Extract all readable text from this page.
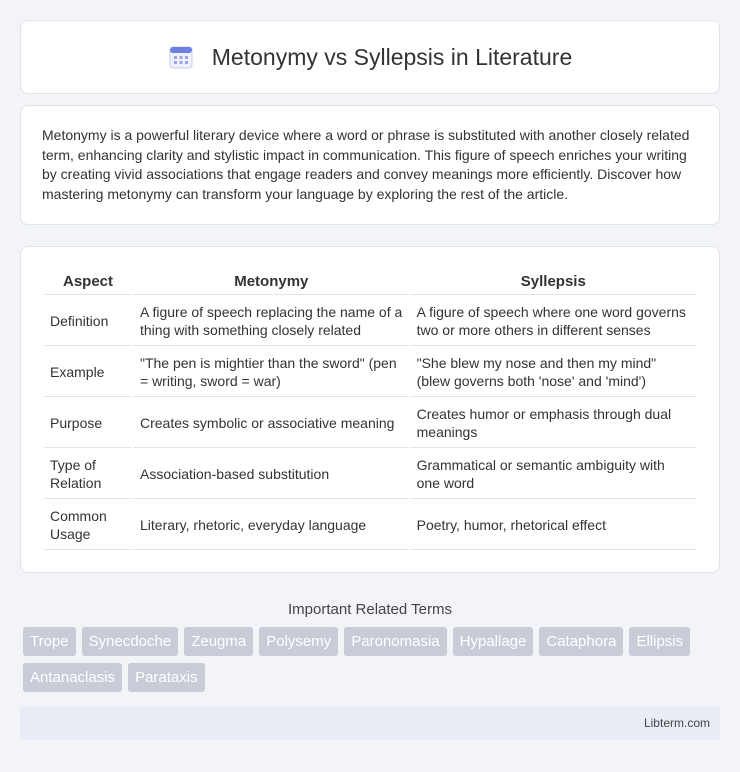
Metonymy vs Syllepsis in Literature

Metonymy is a powerful literary device where a word or phrase is substituted with another closely related term, enhancing clarity and stylistic impact in communication. This figure of speech enriches your writing by creating vivid associations that engage readers and convey meanings more efficiently. Discover how mastering metonymy can transform your language by exploring the rest of the article.

Aspect	Metonymy	Syllepsis
Definition	A figure of speech replacing the name of a thing with something closely related	A figure of speech where one word governs two or more others in different senses
Example	"The pen is mightier than the sword" (pen = writing, sword = war)	"She blew my nose and then my mind" (blew governs both 'nose' and 'mind')
Purpose	Creates symbolic or associative meaning	Creates humor or emphasis through dual meanings
Type of Relation	Association-based substitution	Grammatical or semantic ambiguity with one word
Common Usage	Literary, rhetoric, everyday language	Poetry, humor, rhetorical effect
Important Related Terms
Trope	Synecdoche	Zeugma	Polysemy	Paronomasia	Hypallage	Cataphora	Ellipsis
Antanaclasis	Parataxis
Libterm.com
